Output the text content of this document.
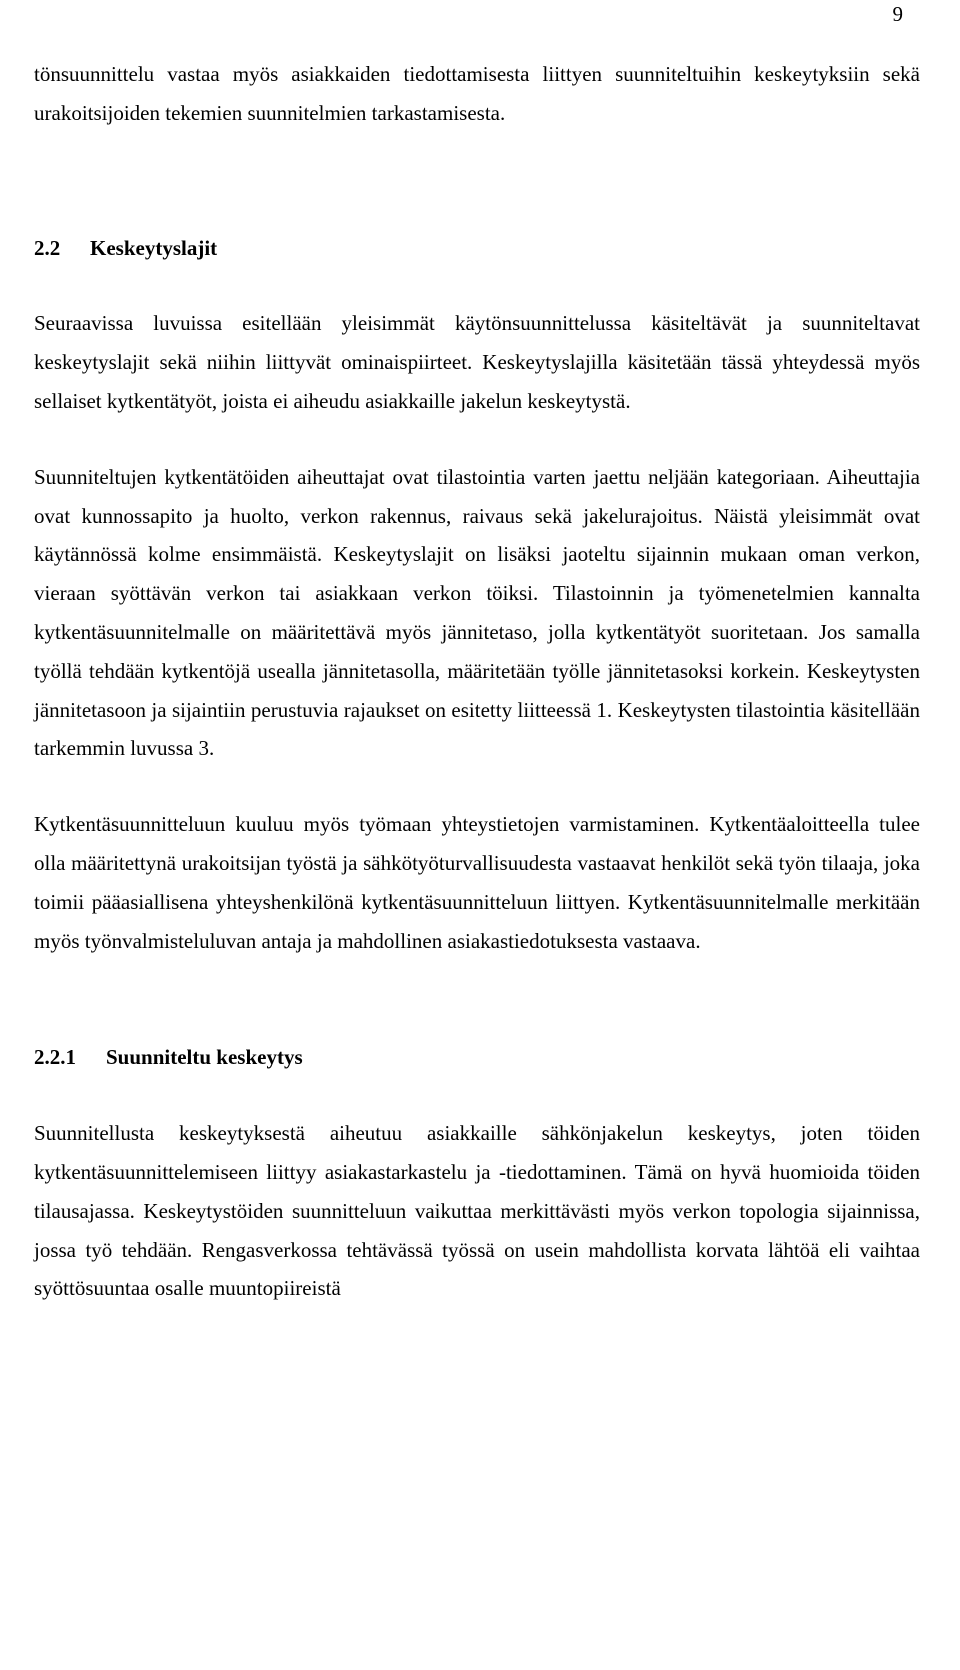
9

tönsuunnittelu vastaa myös asiakkaiden tiedottamisesta liittyen suunniteltuihin keskeytyksiin sekä urakoitsijoiden tekemien suunnitelmien tarkastamisesta.

2.2 Keskeytyslajit

Seuraavissa luvuissa esitellään yleisimmät käytönsuunnittelussa käsiteltävät ja suunniteltavat keskeytyslajit sekä niihin liittyvät ominaispiirteet. Keskeytyslajilla käsitetään tässä yhteydessä myös sellaiset kytkentätyöt, joista ei aiheudu asiakkaille jakelun keskeytystä.

Suunniteltujen kytkentätöiden aiheuttajat ovat tilastointia varten jaettu neljään kategoriaan. Aiheuttajia ovat kunnossapito ja huolto, verkon rakennus, raivaus sekä jakelurajoitus. Näistä yleisimmät ovat käytännössä kolme ensimmäistä. Keskeytyslajit on lisäksi jaoteltu sijainnin mukaan oman verkon, vieraan syöttävän verkon tai asiakkaan verkon töiksi. Tilastoinnin ja työmenetelmien kannalta kytkentäsuunnitelmalle on määritettävä myös jännitetaso, jolla kytkentätyöt suoritetaan. Jos samalla työllä tehdään kytkentöjä usealla jännitetasolla, määritetään työlle jännitetasoksi korkein. Keskeytysten jännitetasoon ja sijaintiin perustuvia rajaukset on esitetty liitteessä 1. Keskeytysten tilastointia käsitellään tarkemmin luvussa 3.

Kytkentäsuunnitteluun kuuluu myös työmaan yhteystietojen varmistaminen. Kytkentäaloitteella tulee olla määritettynä urakoitsijan työstä ja sähkötyöturvallisuudesta vastaavat henkilöt sekä työn tilaaja, joka toimii pääasiallisena yhteyshenkilönä kytkentäsuunnitteluun liittyen. Kytkentäsuunnitelmalle merkitään myös työnvalmisteluluvan antaja ja mahdollinen asiakastiedotuksesta vastaava.

2.2.1 Suunniteltu keskeytys

Suunnitellusta keskeytyksestä aiheutuu asiakkaille sähkönjakelun keskeytys, joten töiden kytkentäsuunnittelemiseen liittyy asiakastarkastelu ja -tiedottaminen. Tämä on hyvä huomioida töiden tilausajassa. Keskeytystöiden suunnitteluun vaikuttaa merkittävästi myös verkon topologia sijainnissa, jossa työ tehdään. Rengasverkossa tehtävässä työssä on usein mahdollista korvata lähtöä eli vaihtaa syöttösuuntaa osalle muuntopiireistä
